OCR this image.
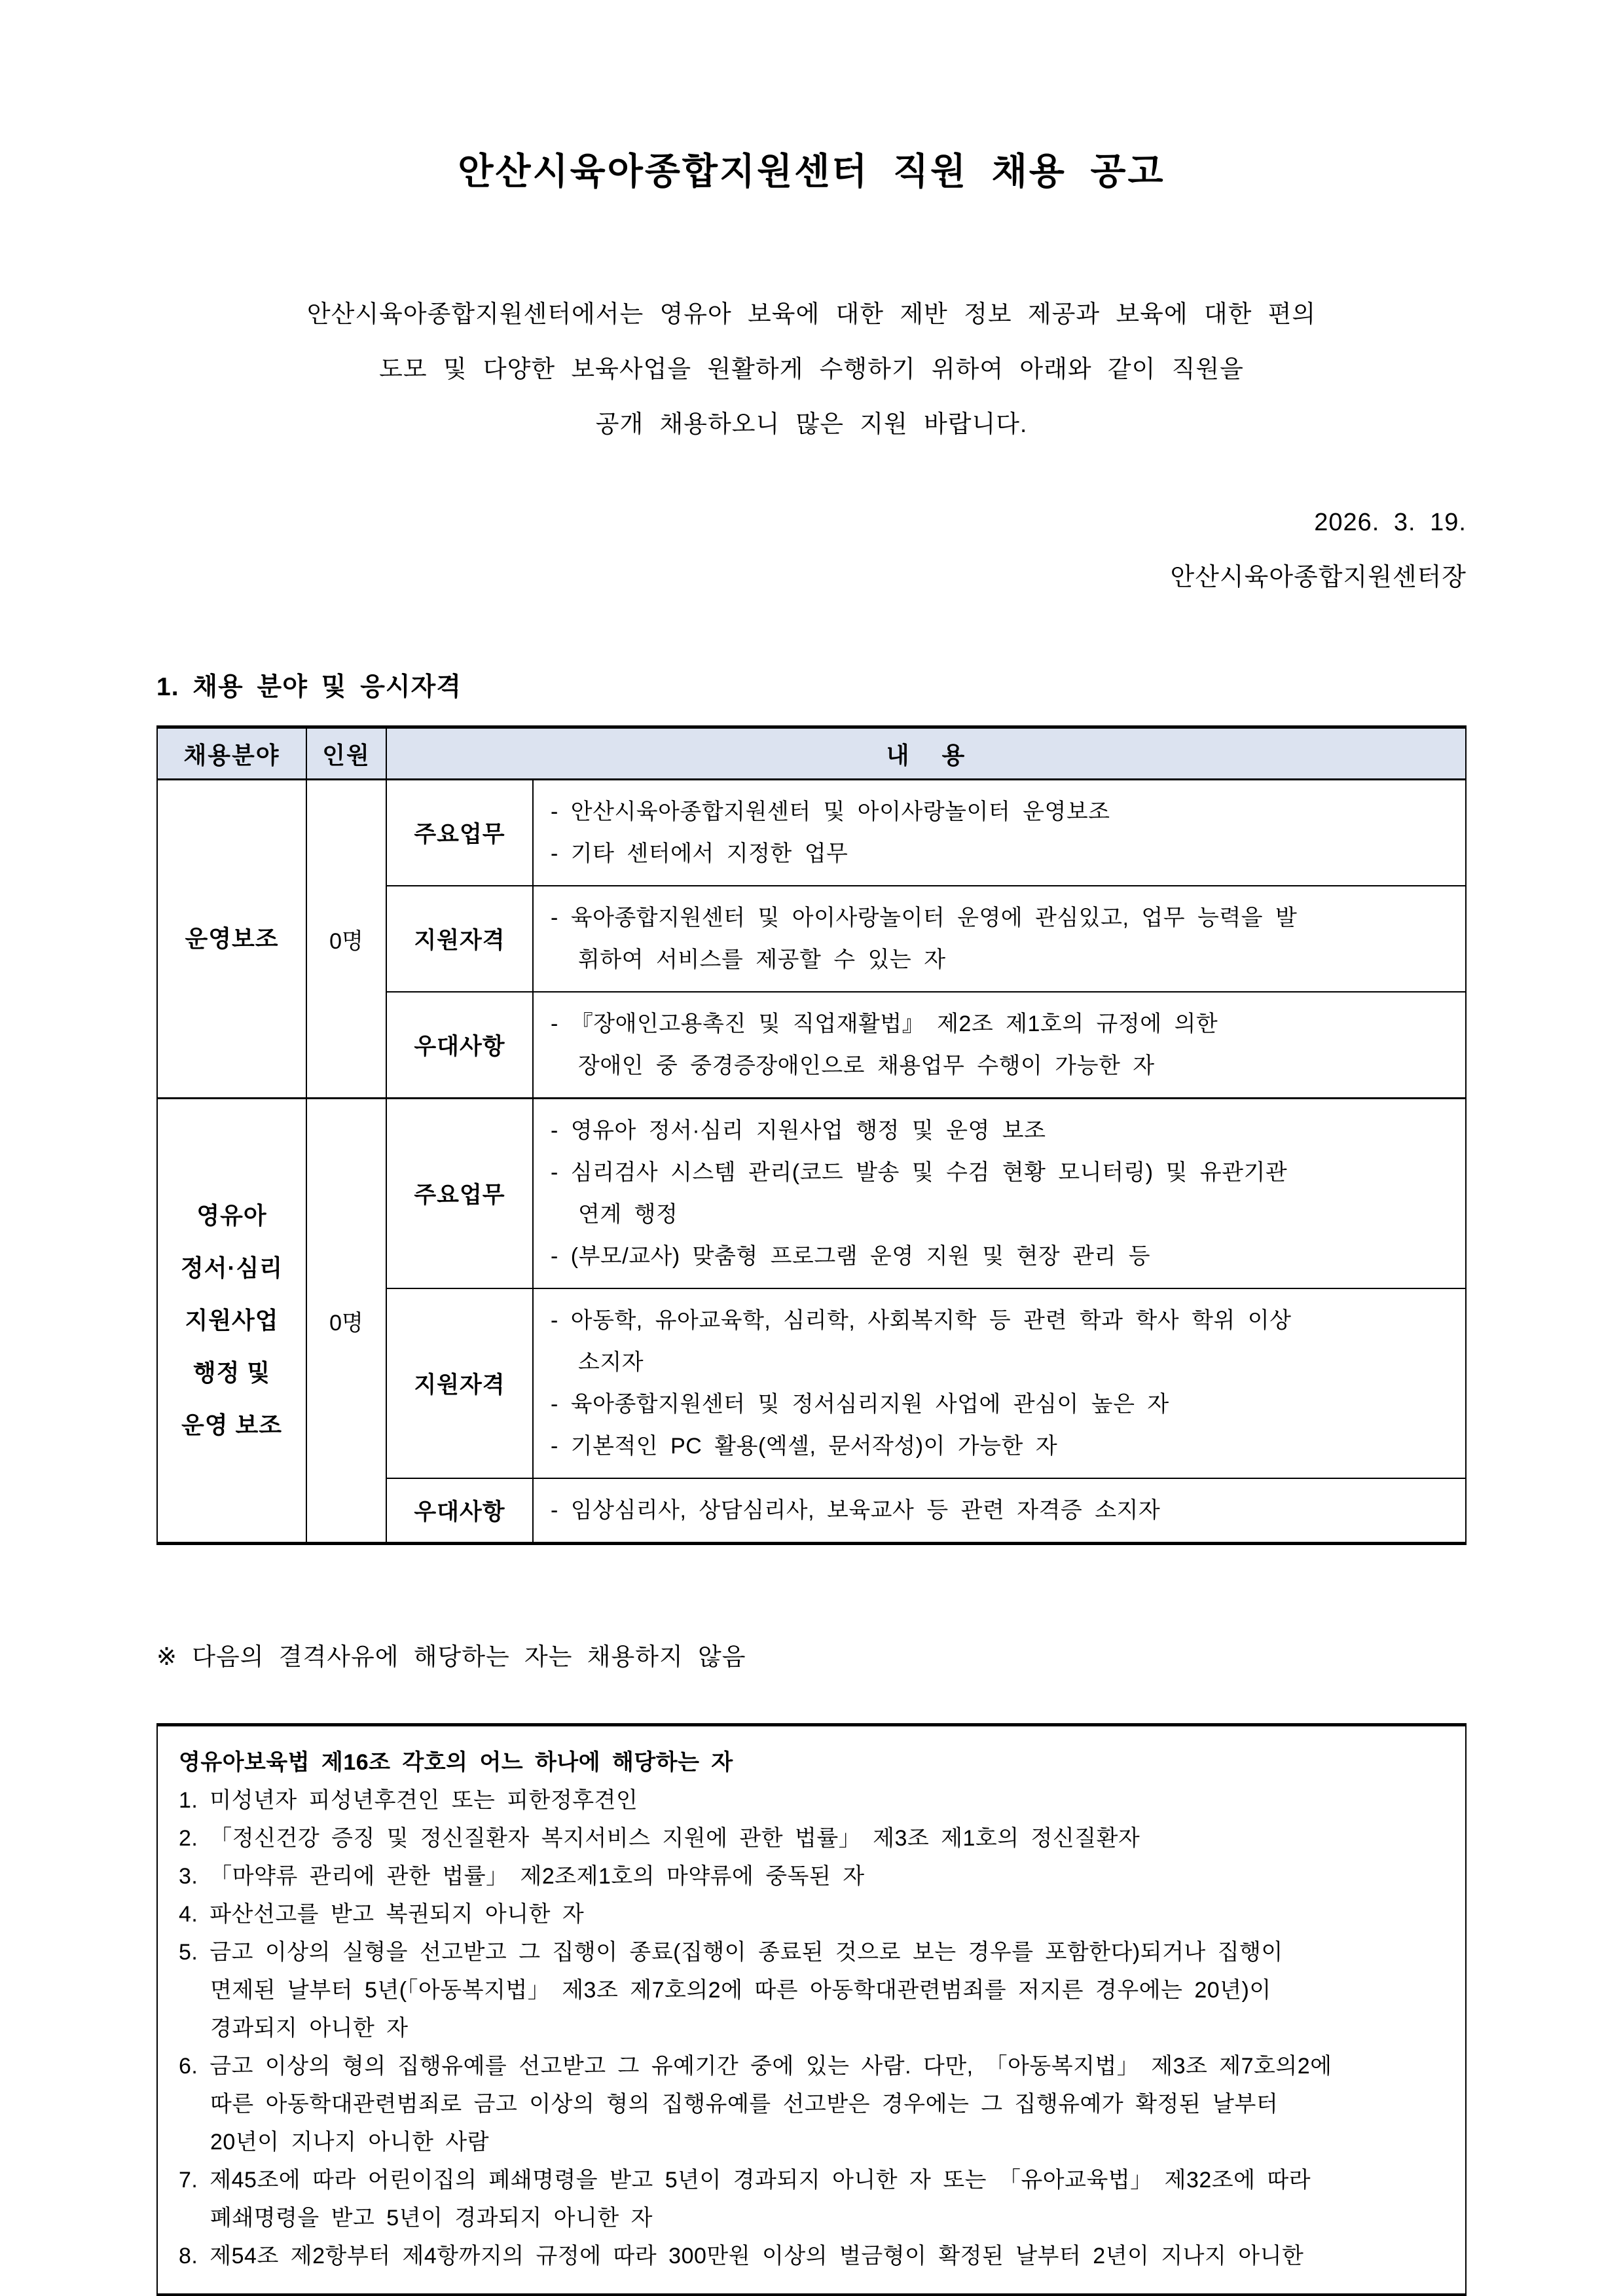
안산시육아종합지원센터 직원 채용 공고
안산시육아종합지원센터에서는 영유아 보육에 대한 제반 정보 제공과 보육에 대한 편의
도모 및 다양한 보육사업을 원활하게 수행하기 위하여 아래와 같이 직원을
공개 채용하오니 많은 지원 바랍니다.
2026. 3. 19.
안산시육아종합지원센터장
1. 채용 분야 및 응시자격
채용분야	인원	내    용	
운영보조	0명	주요업무	- 안산시육아종합지원센터 및 아이사랑놀이터 운영보조
- 기타 센터에서 지정한 업무

		지원자격	- 육아종합지원센터 및 아이사랑놀이터 운영에 관심있고, 업무 능력을 발
휘하여 서비스를 제공할 수 있는 자

		우대사항	- 『장애인고용촉진 및 직업재활법』 제2조 제1호의 규정에 의한
장애인 중 중경증장애인으로 채용업무 수행이 가능한 자

영유아
정서·심리
지원사업
행정 및
운영 보조	0명	주요업무	
- 영유아 정서·심리 지원사업 행정 및 운영 보조
- 심리검사 시스템 관리(코드 발송 및 수검 현황 모니터링) 및 유관기관
연계 행정
- (부모/교사) 맞춤형 프로그램 운영 지원 및 현장 관리 등

		지원자격	- 아동학, 유아교육학, 심리학, 사회복지학 등 관련 학과 학사 학위 이상
소지자
- 육아종합지원센터 및 정서심리지원 사업에 관심이 높은 자
- 기본적인 PC 활용(엑셀, 문서작성)이 가능한 자

		우대사항	- 임상심리사, 상담심리사, 보육교사 등 관련 자격증 소지자
※ 다음의 결격사유에 해당하는 자는 채용하지 않음
영유아보육법 제16조 각호의 어느 하나에 해당하는 자
1. 미성년자 피성년후견인 또는 피한정후견인
2. 「정신건강 증징 및 정신질환자 복지서비스 지원에 관한 법률」 제3조 제1호의 정신질환자
3. 「마약류 관리에 관한 법률」 제2조제1호의 마약류에 중독된 자
4. 파산선고를 받고 복권되지 아니한 자
5. 금고 이상의 실형을 선고받고 그 집행이 종료(집행이 종료된 것으로 보는 경우를 포함한다)되거나 집행이
면제된 날부터 5년(「아동복지법」 제3조 제7호의2에 따른 아동학대관련범죄를 저지른 경우에는 20년)이
경과되지 아니한 자
6. 금고 이상의 형의 집행유예를 선고받고 그 유예기간 중에 있는 사람. 다만, 「아동복지법」 제3조 제7호의2에
따른 아동학대관련범죄로 금고 이상의 형의 집행유예를 선고받은 경우에는 그 집행유예가 확정된 날부터
20년이 지나지 아니한 사람
7. 제45조에 따라 어린이집의 폐쇄명령을 받고 5년이 경과되지 아니한 자 또는 「유아교육법」 제32조에 따라
폐쇄명령을 받고 5년이 경과되지 아니한 자
8. 제54조 제2항부터 제4항까지의 규정에 따라 300만원 이상의 벌금형이 확정된 날부터 2년이 지나지 아니한
